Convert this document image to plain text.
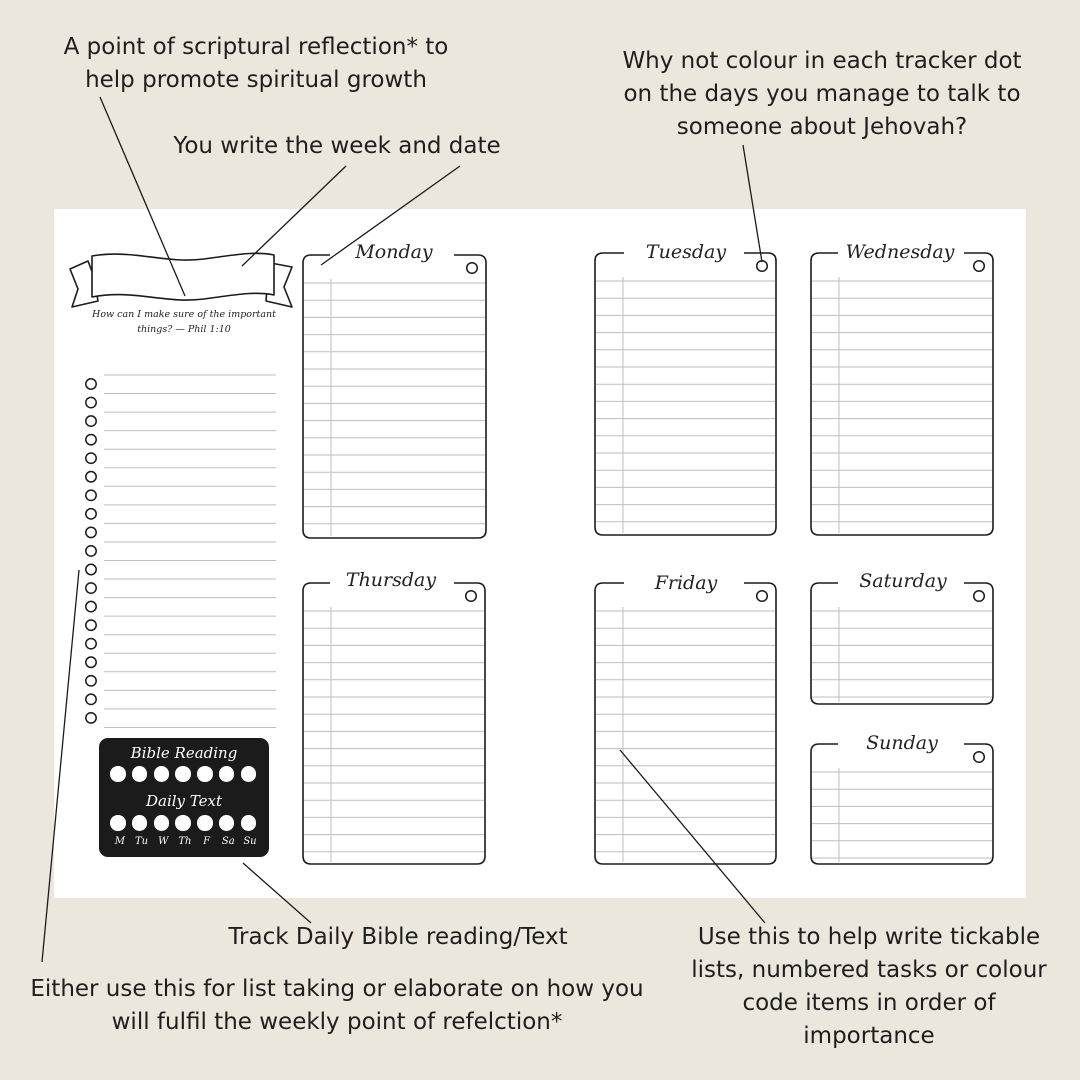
A point of scriptural reflection* to
help promote spiritual growth
You write the week and date
Why not colour in each tracker dot
on the days you manage to talk to
someone about Jehovah?
Track Daily Bible reading/Text
Either use this for list taking or elaborate on how you
will fulfil the weekly point of refelction*
Use this to help write tickable
lists, numbered tasks or colour
code items in order of
importance
How can I make sure of the important
things? — Phil 1:10
Monday	Tuesday	Wednesday
Thursday	Friday	Saturday
Sunday
Bible Reading
Daily Text
M	Tu W Th	F	Sa Su
